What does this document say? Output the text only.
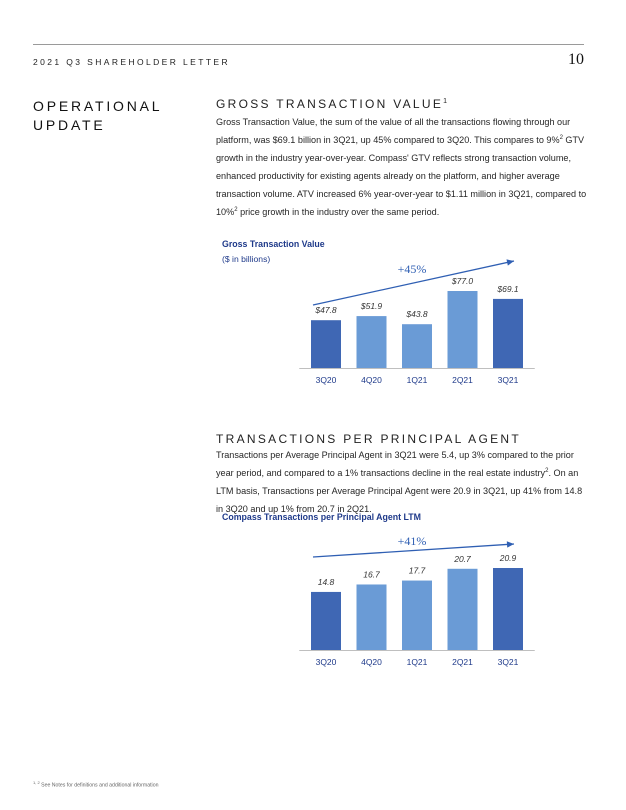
2021 Q3 SHAREHOLDER LETTER	10
OPERATIONAL UPDATE
GROSS TRANSACTION VALUE$^1$
Gross Transaction Value, the sum of the value of all the transactions flowing through our platform, was $69.1 billion in 3Q21, up 45% compared to 3Q20. This compares to 9%$^2$ GTV growth in the industry year-over-year. Compass' GTV reflects strong transaction volume, enhanced productivity for existing agents already on the platform, and higher average transaction volume. ATV increased 6% year-over-year to $1.11 million in 3Q21, compared to 10%$^2$ price growth in the industry over the same period.
Gross Transaction Value
($ in billions)
$47.8
3Q20
$51.9
4Q20
$43.8
1Q21
$77.0
2Q21
$69.1
3Q21
+45%
TRANSACTIONS PER PRINCIPAL AGENT
Transactions per Average Principal Agent in 3Q21 were 5.4, up 3% compared to the prior year period, and compared to a 1% transactions decline in the real estate industry$^2$. On an LTM basis, Transactions per Average Principal Agent were 20.9 in 3Q21, up 41% from 14.8 in 3Q20 and up 1% from 20.7 in 2Q21.
Compass Transactions per Principal Agent LTM
14.8
3Q20
16.7
4Q20
17.7
1Q21
20.7
2Q21
20.9
3Q21
+41%
$^{1, 2}$ See Notes for definitions and additional information
